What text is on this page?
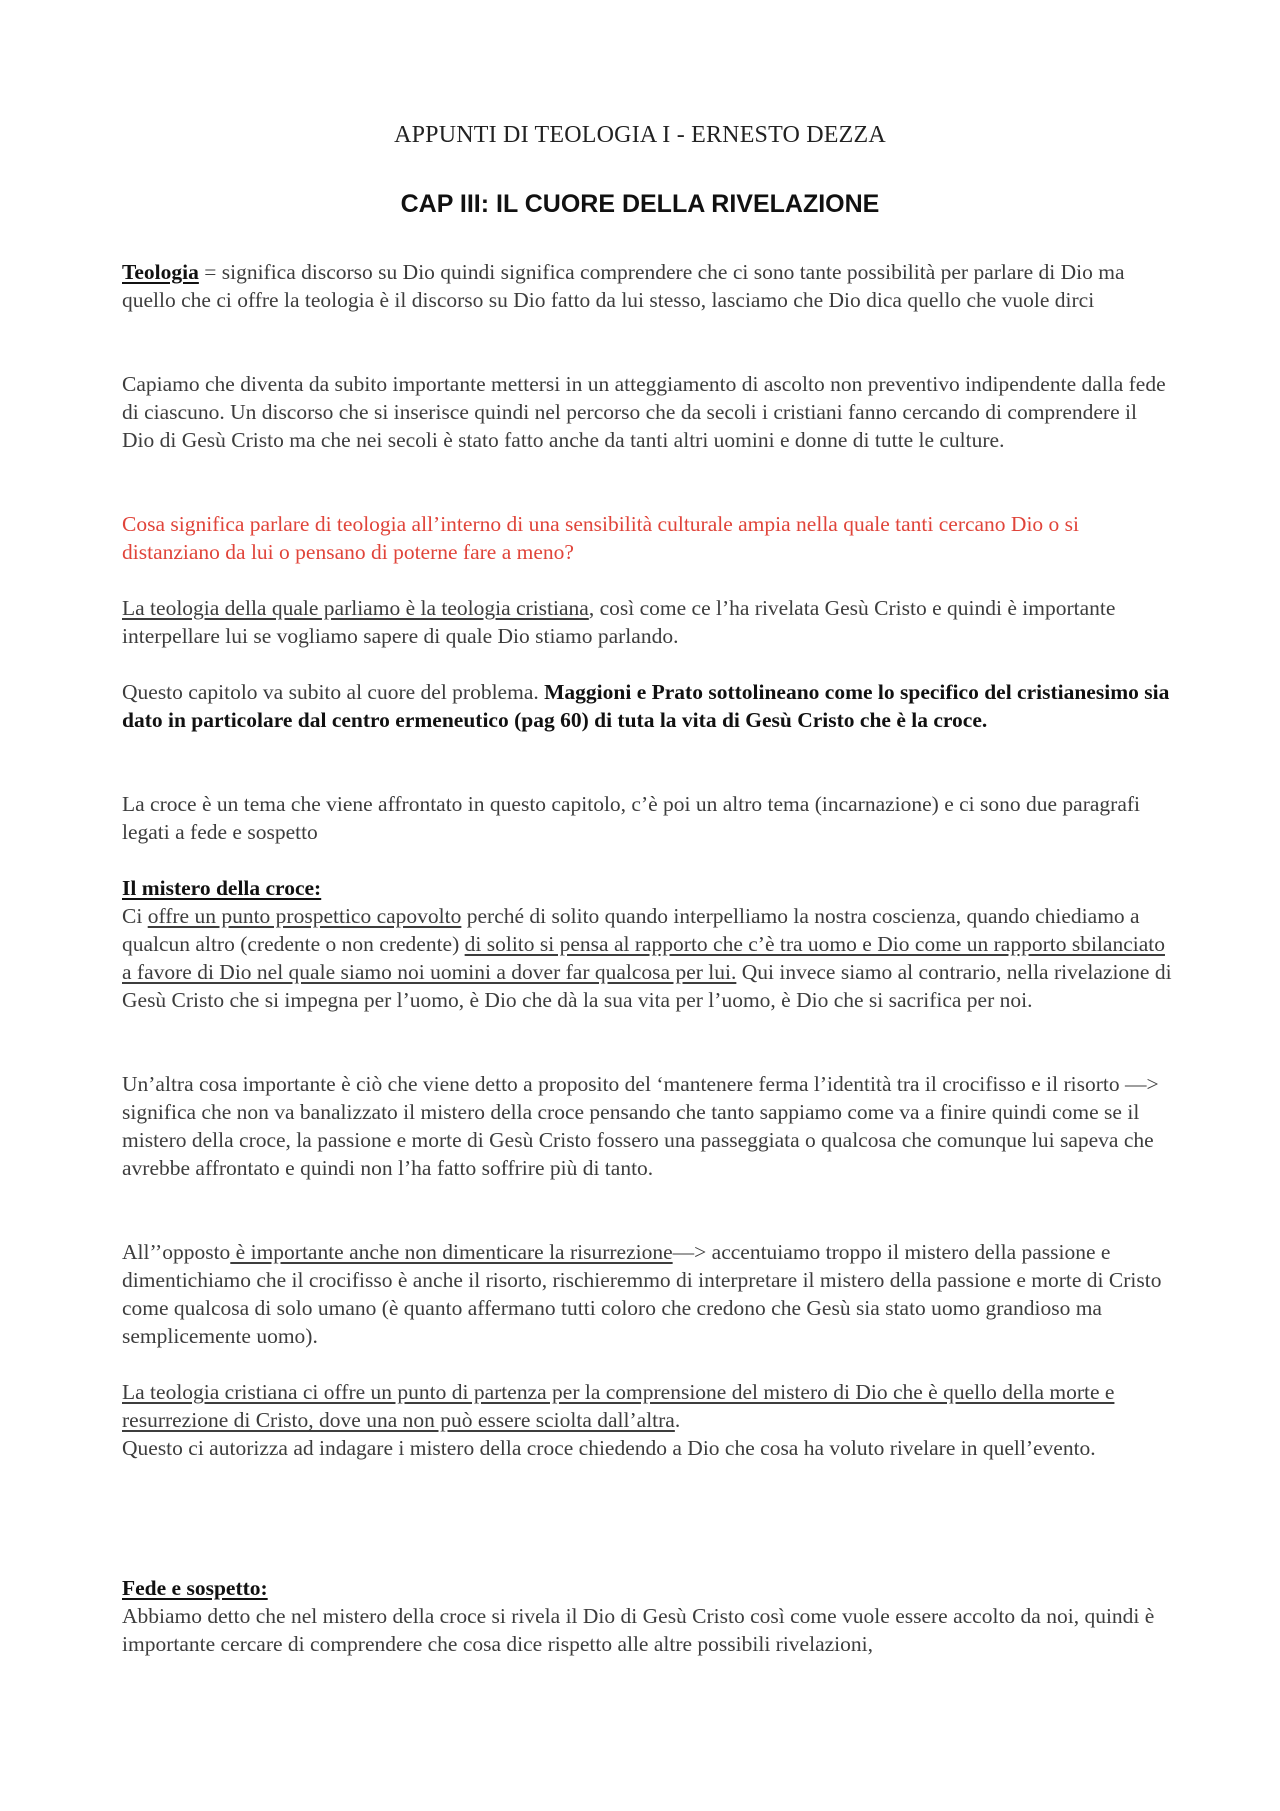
APPUNTI DI TEOLOGIA I - ERNESTO DEZZA
CAP III: IL CUORE DELLA RIVELAZIONE

Teologia = significa discorso su Dio quindi significa comprendere che ci sono tante possibilità per parlare di Dio ma quello che ci offre la teologia è il discorso su Dio fatto da lui stesso, lasciamo che Dio dica quello che vuole dirci

Capiamo che diventa da subito importante mettersi in un atteggiamento di ascolto non preventivo indipendente dalla fede di ciascuno. Un discorso che si inserisce quindi nel percorso che da secoli i cristiani fanno cercando di comprendere il Dio di Gesù Cristo ma che nei secoli è stato fatto anche da tanti altri uomini e donne di tutte le culture.

Cosa significa parlare di teologia all’interno di una sensibilità culturale ampia nella quale tanti cercano Dio o si distanziano da lui o pensano di poterne fare a meno?

La teologia della quale parliamo è la teologia cristiana, così come ce l’ha rivelata Gesù Cristo e quindi è importante interpellare lui se vogliamo sapere di quale Dio stiamo parlando.

Questo capitolo va subito al cuore del problema. Maggioni e Prato sottolineano come lo specifico del cristianesimo sia dato in particolare dal centro ermeneutico (pag 60) di tuta la vita di Gesù Cristo che è la croce.

La croce è un tema che viene affrontato in questo capitolo, c’è poi un altro tema (incarnazione) e ci sono due paragrafi legati a fede e sospetto

Il mistero della croce:

Ci offre un punto prospettico capovolto perché di solito quando interpelliamo la nostra coscienza, quando chiediamo a qualcun altro (credente o non credente) di solito si pensa al rapporto che c’è tra uomo e Dio come un rapporto sbilanciato a favore di Dio nel quale siamo noi uomini a dover far qualcosa per lui. Qui invece siamo al contrario, nella rivelazione di Gesù Cristo che si impegna per l’uomo, è Dio che dà la sua vita per l’uomo, è Dio che si sacrifica per noi.

Un’altra cosa importante è ciò che viene detto a proposito del ‘mantenere ferma l’identità tra il crocifisso e il risorto —> significa che non va banalizzato il mistero della croce pensando che tanto sappiamo come va a finire quindi come se il mistero della croce, la passione e morte di Gesù Cristo fossero una passeggiata o qualcosa che comunque lui sapeva che avrebbe affrontato e quindi non l’ha fatto soffrire più di tanto.

All’’opposto è importante anche non dimenticare la risurrezione—> accentuiamo troppo il mistero della passione e dimentichiamo che il crocifisso è anche il risorto, rischieremmo di interpretare il mistero della passione e morte di Cristo come qualcosa di solo umano (è quanto affermano tutti coloro che credono che Gesù sia stato uomo grandioso ma semplicemente uomo).

La teologia cristiana ci offre un punto di partenza per la comprensione del mistero di Dio che è quello della morte e resurrezione di Cristo, dove una non può essere sciolta dall’altra.

Questo ci autorizza ad indagare i mistero della croce chiedendo a Dio che cosa ha voluto rivelare in quell’evento.

Fede e sospetto:

Abbiamo detto che nel mistero della croce si rivela il Dio di Gesù Cristo così come vuole essere accolto da noi, quindi è importante cercare di comprendere che cosa dice rispetto alle altre possibili rivelazioni,
